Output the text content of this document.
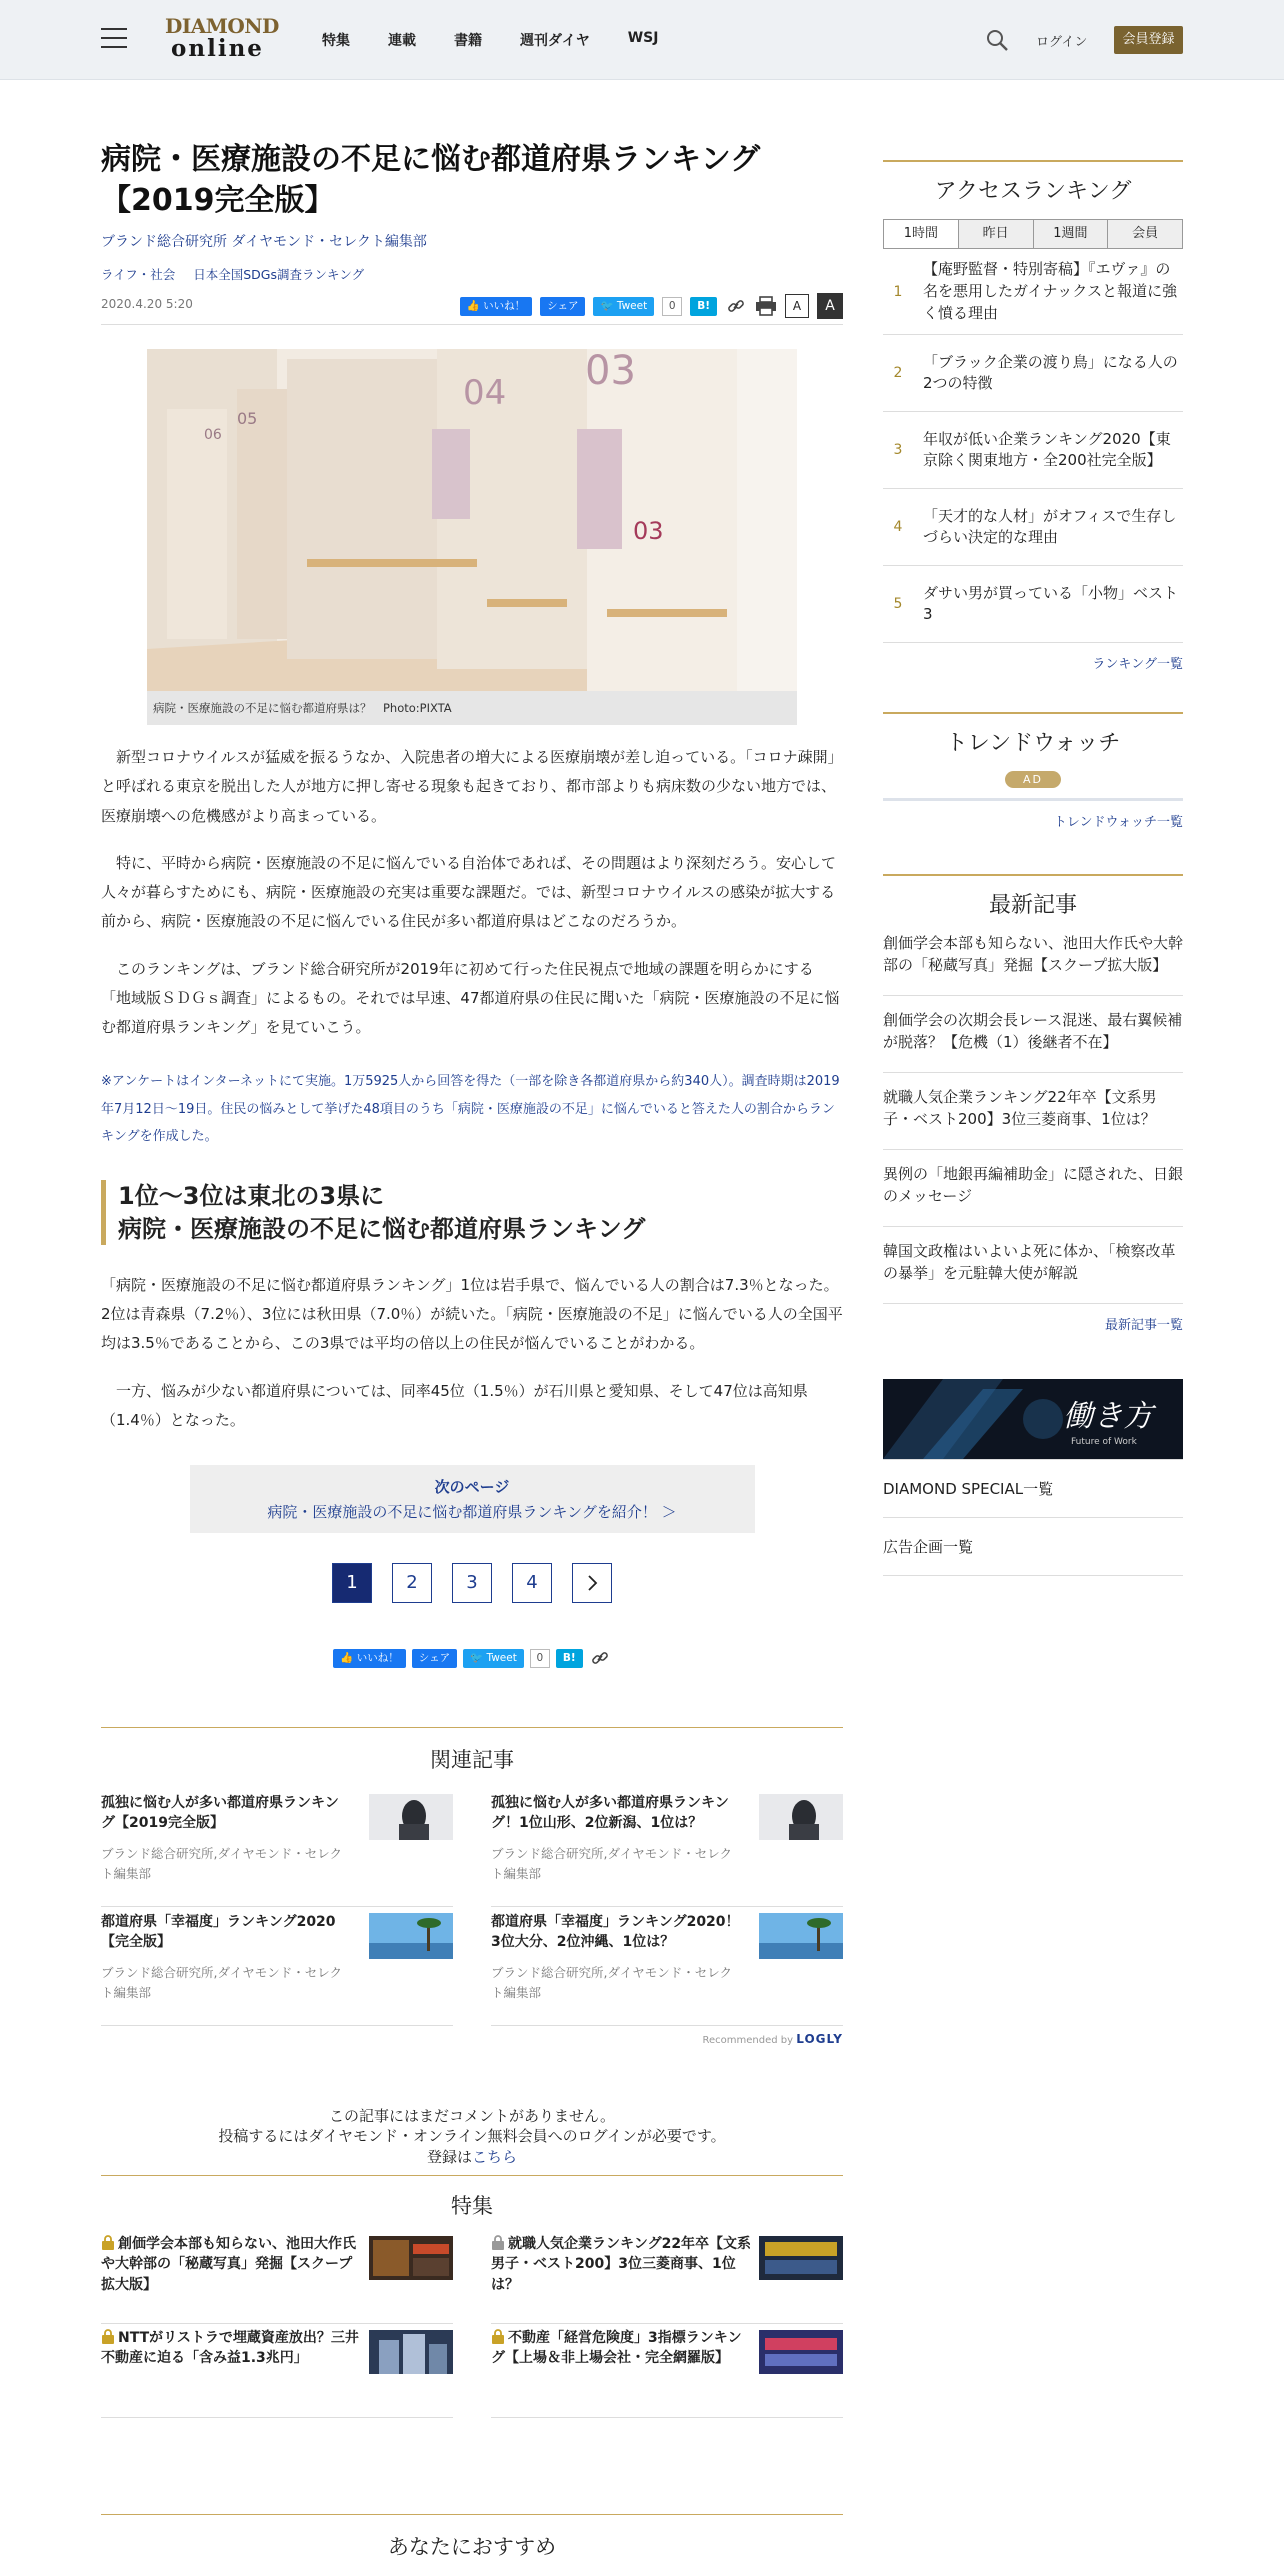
DIAMOND
online	特集	連載	書籍	週刊ダイヤ	WSJ	ログイン	会員登録
病院・医療施設の不足に悩む都道府県ランキング
【2019完全版】
ブランド総合研究所 ダイヤモンド・セレクト編集部
ライフ・社会 日本全国SDGs調査ランキング
2020.4.20 5:20	👍 いいね！	シェア	🐦 Tweet	0	B!	A	A
06
05
04 03
03
病院・医療施設の不足に悩む都道府県は？　Photo:PIXTA

新型コロナウイルスが猛威を振るうなか、入院患者の増大による医療崩壊が差し迫っている。「コロナ疎開」と呼ばれる東京を脱出した人が地方に押し寄せる現象も起きており、都市部よりも病床数の少ない地方では、医療崩壊への危機感がより高まっている。

特に、平時から病院・医療施設の不足に悩んでいる自治体であれば、その問題はより深刻だろう。安心して人々が暮らすためにも、病院・医療施設の充実は重要な課題だ。では、新型コロナウイルスの感染が拡大する前から、病院・医療施設の不足に悩んでいる住民が多い都道府県はどこなのだろうか。

このランキングは、ブランド総合研究所が2019年に初めて行った住民視点で地域の課題を明らかにする「地域版ＳＤＧｓ調査」によるもの。それでは早速、47都道府県の住民に聞いた「病院・医療施設の不足に悩む都道府県ランキング」を見ていこう。

※アンケートはインターネットにて実施。1万5925人から回答を得た（一部を除き各都道府県から約340人）。調査時期は2019年7月12日～19日。住民の悩みとして挙げた48項目のうち「病院・医療施設の不足」に悩んでいると答えた人の割合からランキングを作成した。

1位～3位は東北の3県に
病院・医療施設の不足に悩む都道府県ランキング

「病院・医療施設の不足に悩む都道府県ランキング」1位は岩手県で、悩んでいる人の割合は7.3％となった。2位は青森県（7.2％）、3位には秋田県（7.0％）が続いた。「病院・医療施設の不足」に悩んでいる人の全国平均は3.5％であることから、この3県では平均の倍以上の住民が悩んでいることがわかる。

一方、悩みが少ない都道府県については、同率45位（1.5％）が石川県と愛知県、そして47位は高知県（1.4％）となった。

次のページ
病院・医療施設の不足に悩む都道府県ランキングを紹介！ ＞
1	2	3	4
👍 いいね！	シェア	🐦 Tweet	0	B!
関連記事
孤独に悩む人が多い都道府県ランキング【2019完全版】
ブランド総合研究所,ダイヤモンド・セレクト編集部
孤独に悩む人が多い都道府県ランキング！1位山形、2位新潟、1位は？
ブランド総合研究所,ダイヤモンド・セレクト編集部
都道府県「幸福度」ランキング2020【完全版】
ブランド総合研究所,ダイヤモンド・セレクト編集部
都道府県「幸福度」ランキング2020！3位大分、2位沖縄、1位は？
ブランド総合研究所,ダイヤモンド・セレクト編集部
Recommended by LOGLY
この記事にはまだコメントがありません。
投稿するにはダイヤモンド・オンライン無料会員へのログインが必要です。
登録はこちら
特集
創価学会本部も知らない、池田大作氏や大幹部の「秘蔵写真」発掘【スクープ拡大版】
就職人気企業ランキング22年卒【文系男子・ベスト200】3位三菱商事、1位は？
NTTがリストラで埋蔵資産放出？三井不動産に迫る「含み益1.3兆円」
不動産「経営危険度」3指標ランキング【上場＆非上場会社・完全網羅版】
あなたにおすすめ
アクセスランキング
1時間	昨日	1週間	会員
1
【庵野監督・特別寄稿】『エヴァ』の名を悪用したガイナックスと報道に強く憤る理由
2
「ブラック企業の渡り鳥」になる人の2つの特徴
3
年収が低い企業ランキング2020【東京除く関東地方・全200社完全版】
4
「天才的な人材」がオフィスで生存しづらい決定的な理由
5
ダサい男が買っている「小物」ベスト3
ランキング一覧
トレンドウォッチ
AD
トレンドウォッチ一覧
最新記事
創価学会本部も知らない、池田大作氏や大幹部の「秘蔵写真」発掘【スクープ拡大版】
創価学会の次期会長レース混迷、最右翼候補が脱落？【危機（1）後継者不在】
就職人気企業ランキング22年卒【文系男子・ベスト200】3位三菱商事、1位は？
異例の「地銀再編補助金」に隠された、日銀のメッセージ
韓国文政権はいよいよ死に体か、「検察改革の暴挙」を元駐韓大使が解説
最新記事一覧
働き方
Future of Work
DIAMOND SPECIAL一覧
広告企画一覧
